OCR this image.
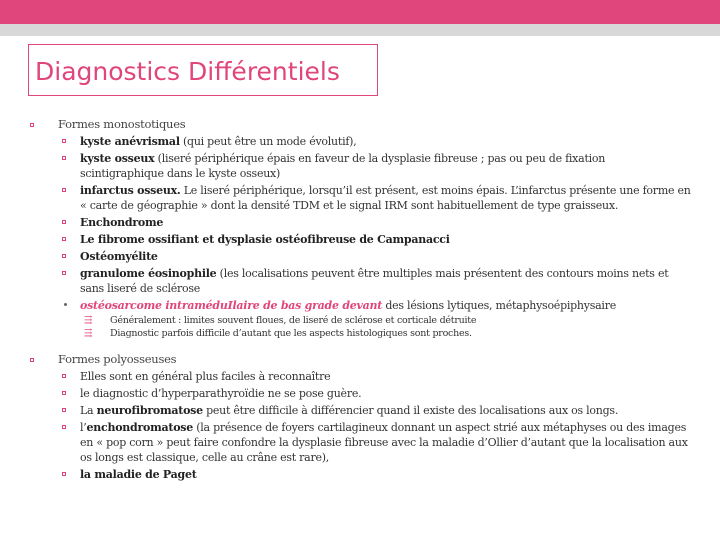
Diagnostics Différentiels
Formes monostotiques
kyste anévrismal (qui peut être un mode évolutif),
kyste osseux (liseré périphérique épais en faveur de la dysplasie fibreuse ; pas ou peu de fixation scintigraphique dans le kyste osseux)
infarctus osseux. Le liseré périphérique, lorsqu’il est présent, est moins épais. L’infarctus présente une forme en « carte de géographie » dont la densité TDM et le signal IRM sont habituellement de type graisseux.
Enchondrome
Le fibrome ossifiant et dysplasie ostéofibreuse de Campanacci
Ostéomyélite
granulome éosinophile (les localisations peuvent être multiples mais présentent des contours moins nets et sans liseré de sclérose
ostéosarcome intraméduIlaire de bas grade devant des lésions lytiques, métaphysoépiphysaire
⇶ Généralement : limites souvent floues, de liseré de sclérose et corticale détruite
⇶ Diagnostic parfois difficile d’autant que les aspects histologiques sont proches.
Formes polyosseuses
Elles sont en général plus faciles à reconnaître
le diagnostic d’hyperparathyroïdie ne se pose guère.
La neurofibromatose peut être difficile à différencier quand il existe des localisations aux os longs.
l’enchondromatose (la présence de foyers cartilagineux donnant un aspect strié aux métaphyses ou des images en « pop corn » peut faire confondre la dysplasie fibreuse avec la maladie d’Ollier d’autant que la localisation aux os longs est classique, celle au crâne est rare),
la maladie de Paget
